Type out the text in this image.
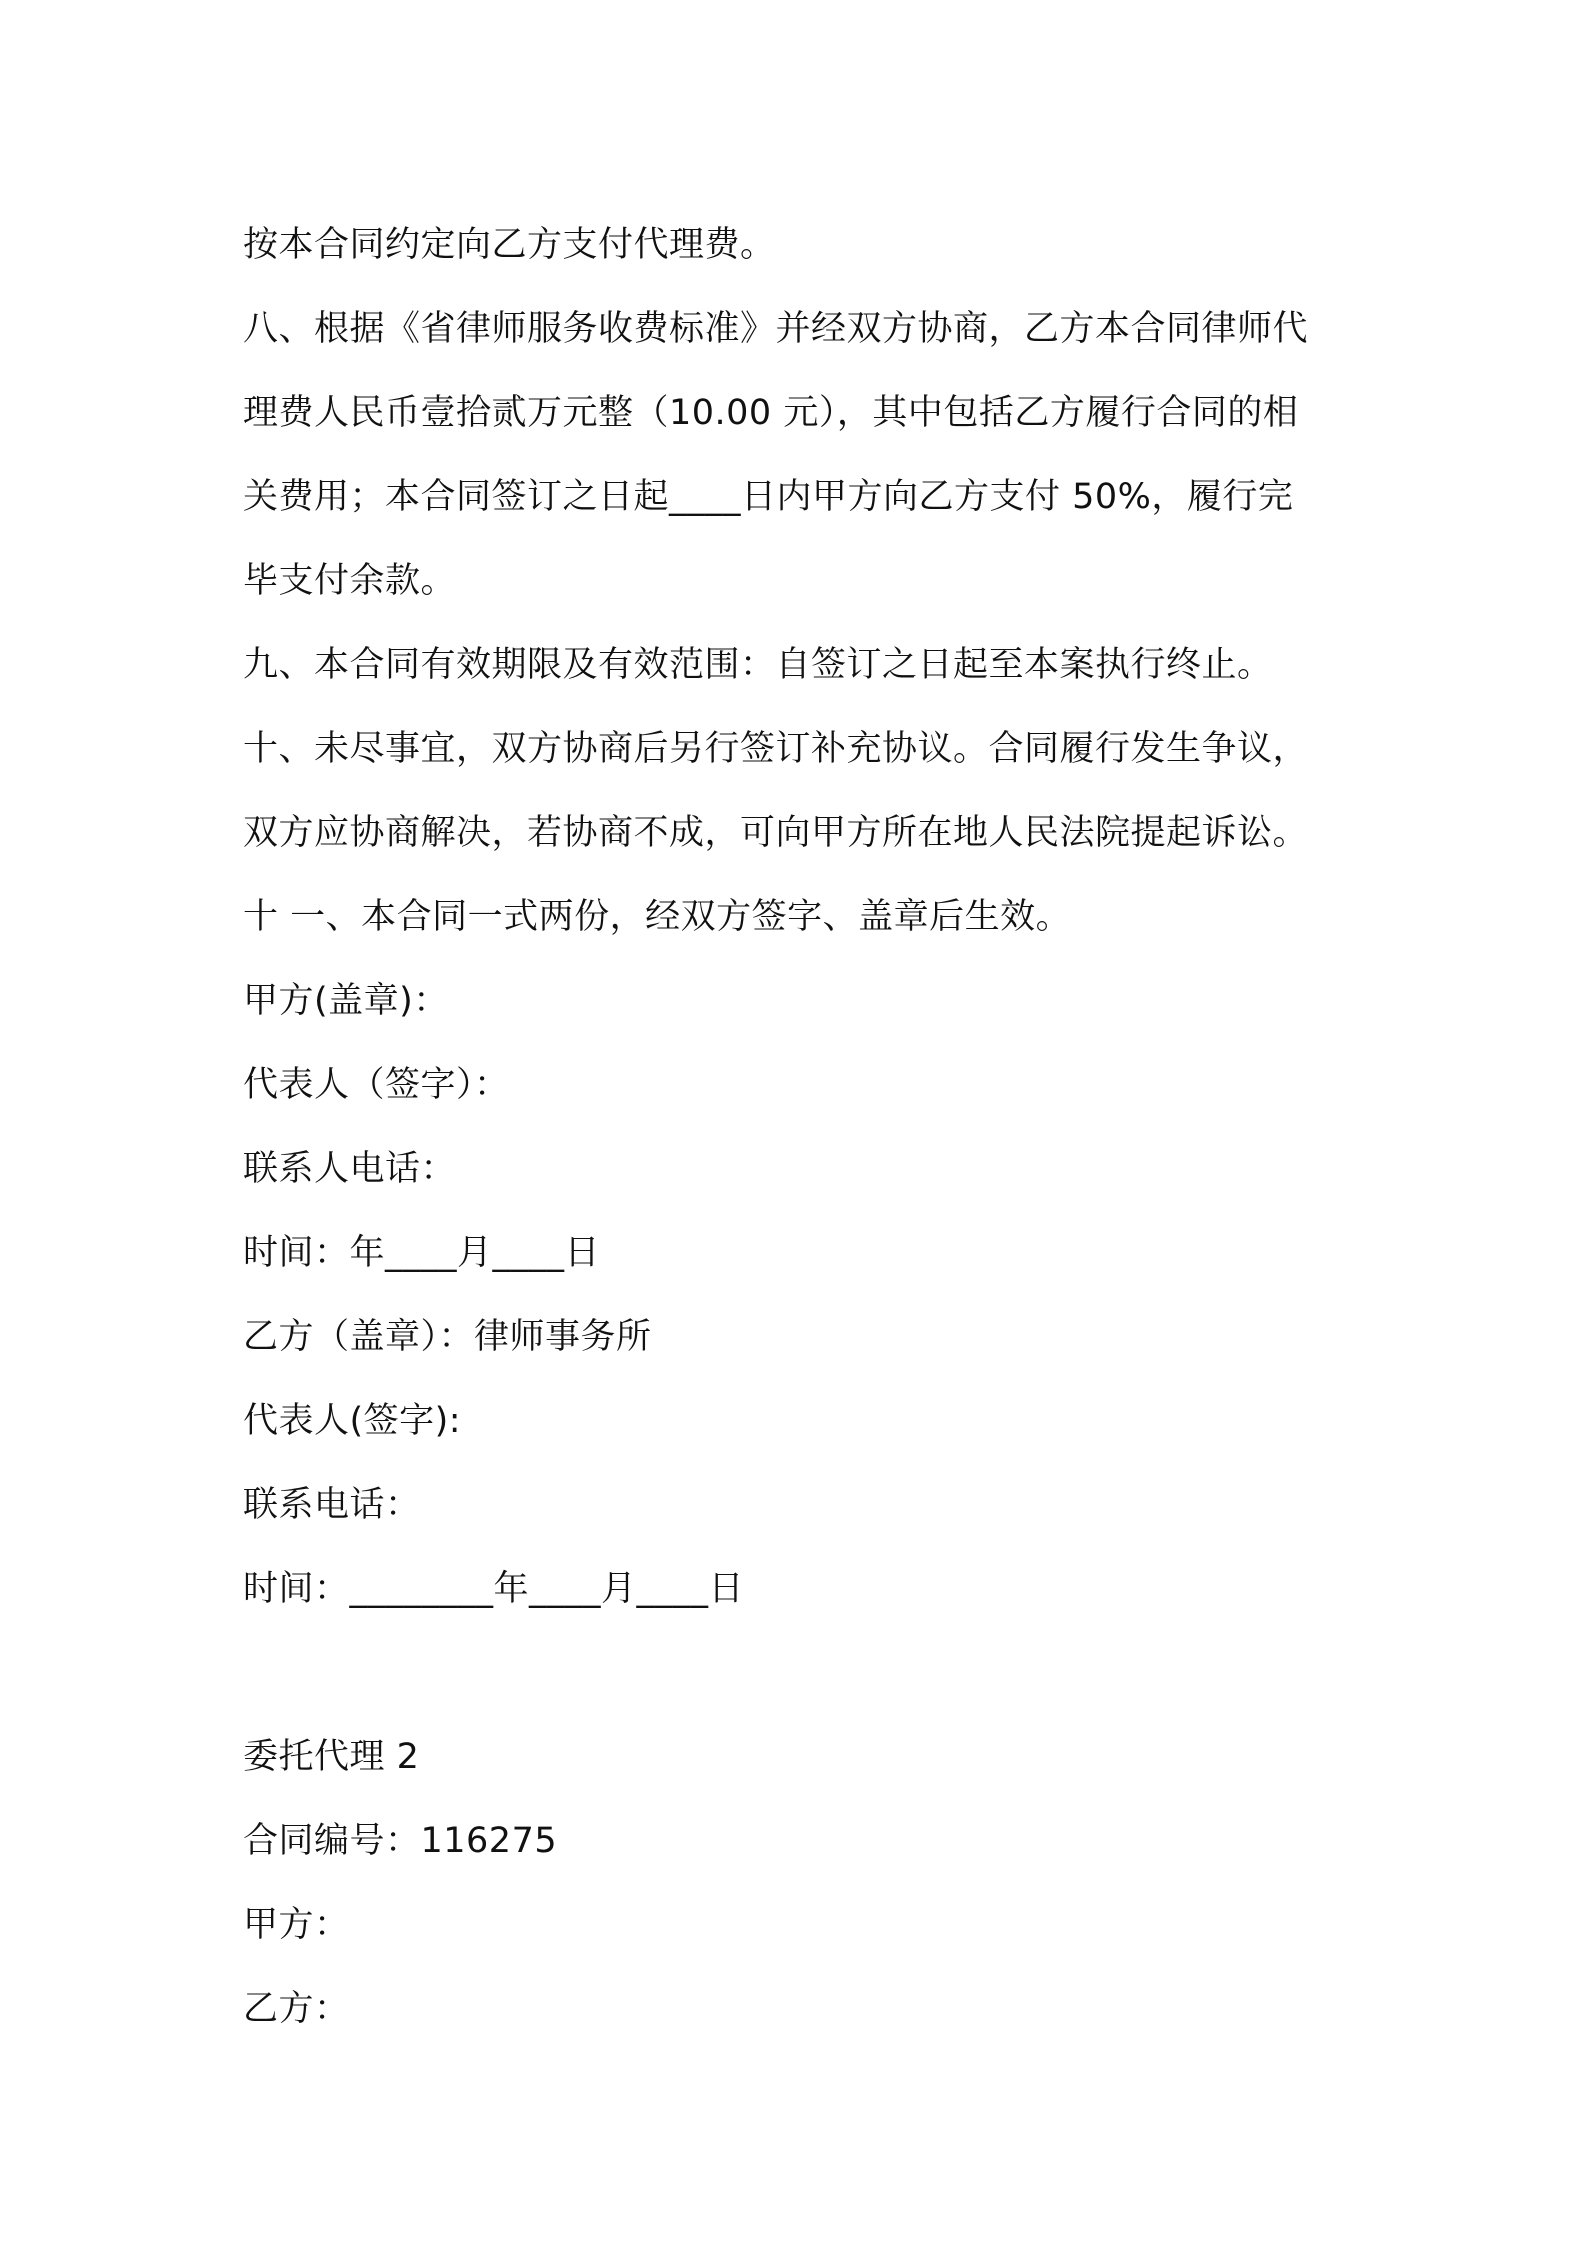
按本合同约定向乙方支付代理费。

八、根据《省律师服务收费标准》并经双方协商，乙方本合同律师代

理费人民币壹拾贰万元整（10.00 元），其中包括乙方履行合同的相

关费用；本合同签订之日起____日内甲方向乙方支付 50%，履行完

毕支付余款。

九、本合同有效期限及有效范围：自签订之日起至本案执行终止。

十、未尽事宜，双方协商后另行签订补充协议。合同履行发生争议，

双方应协商解决，若协商不成，可向甲方所在地人民法院提起诉讼。

十 一、本合同一式两份，经双方签字、盖章后生效。

甲方(盖章)：

代表人（签字）：

联系人电话：

时间：年____月____日

乙方（盖章）：律师事务所

代表人(签字):

联系电话：

时间：________年____月____日

委托代理 2

合同编号：116275

甲方：

乙方：
